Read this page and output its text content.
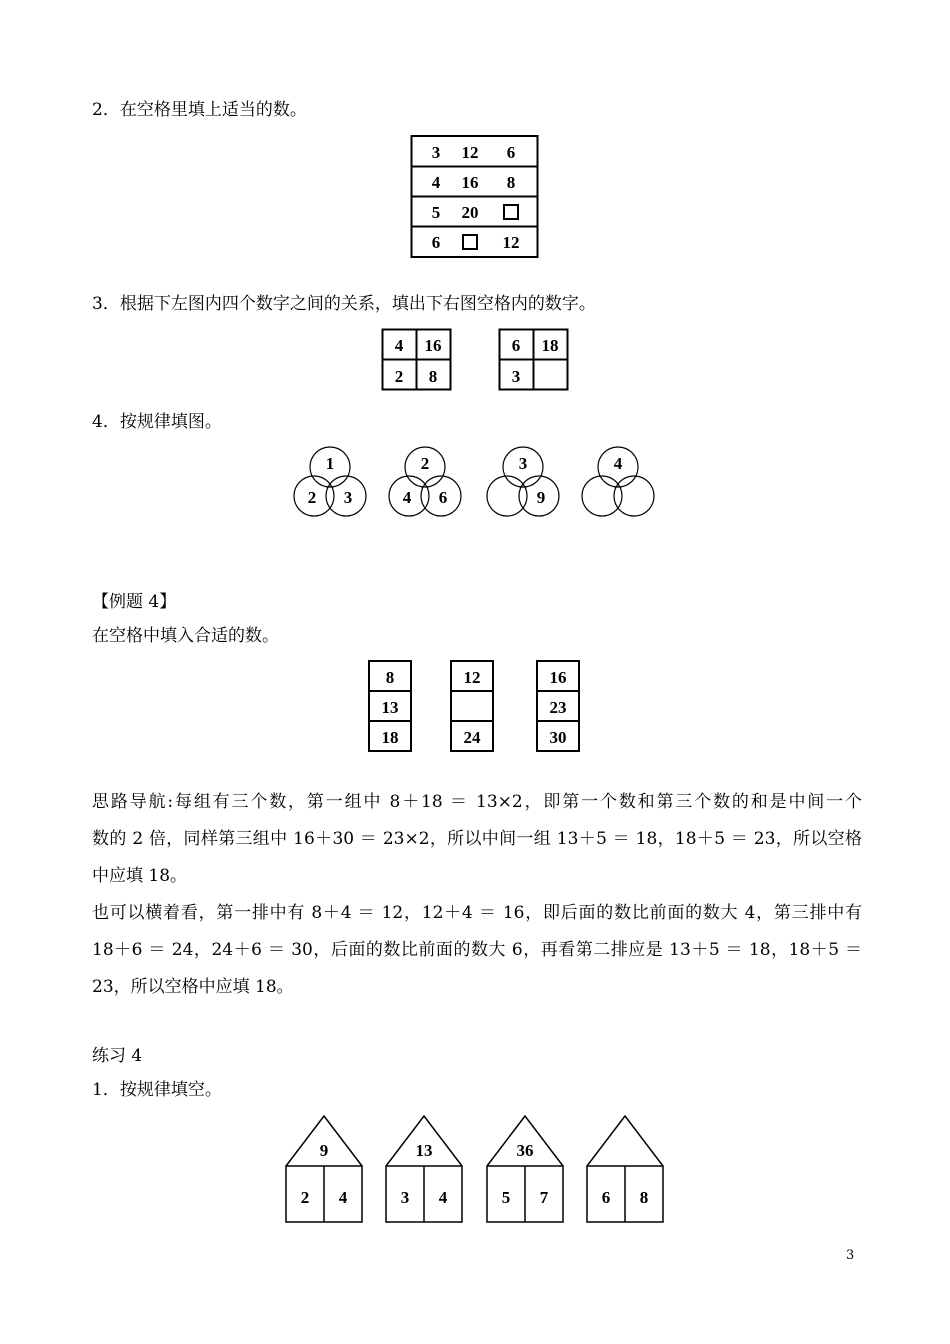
2．在空格里填上适当的数。
3 12 6
4 16 8
5 20
6	12
3．根据下左图内四个数字之间的关系，填出下右图空格内的数字。
4 16
2 8
6 18
3
4．按规律填图。
1
2 3
2
4 6
3
9
4
【例题 4】
在空格中填入合适的数。
8
13
18
12
24
16
23
30
思路导航:每组有三个数，第一组中 8＋18 ＝ 13×2，即第一个数和第三个数的和是中间一个
数的 2 倍，同样第三组中 16＋30 ＝ 23×2，所以中间一组 13＋5 ＝ 18，18＋5 ＝ 23，所以空格
中应填 18。
也可以横着看，第一排中有 8＋4 ＝ 12，12＋4 ＝ 16，即后面的数比前面的数大 4，第三排中有
18＋6 ＝ 24，24＋6 ＝ 30，后面的数比前面的数大 6，再看第二排应是 13＋5 ＝ 18，18＋5 ＝
23，所以空格中应填 18。
练习 4
1．按规律填空。
9
2 4
13
3 4
36
5 7	6 8
3
